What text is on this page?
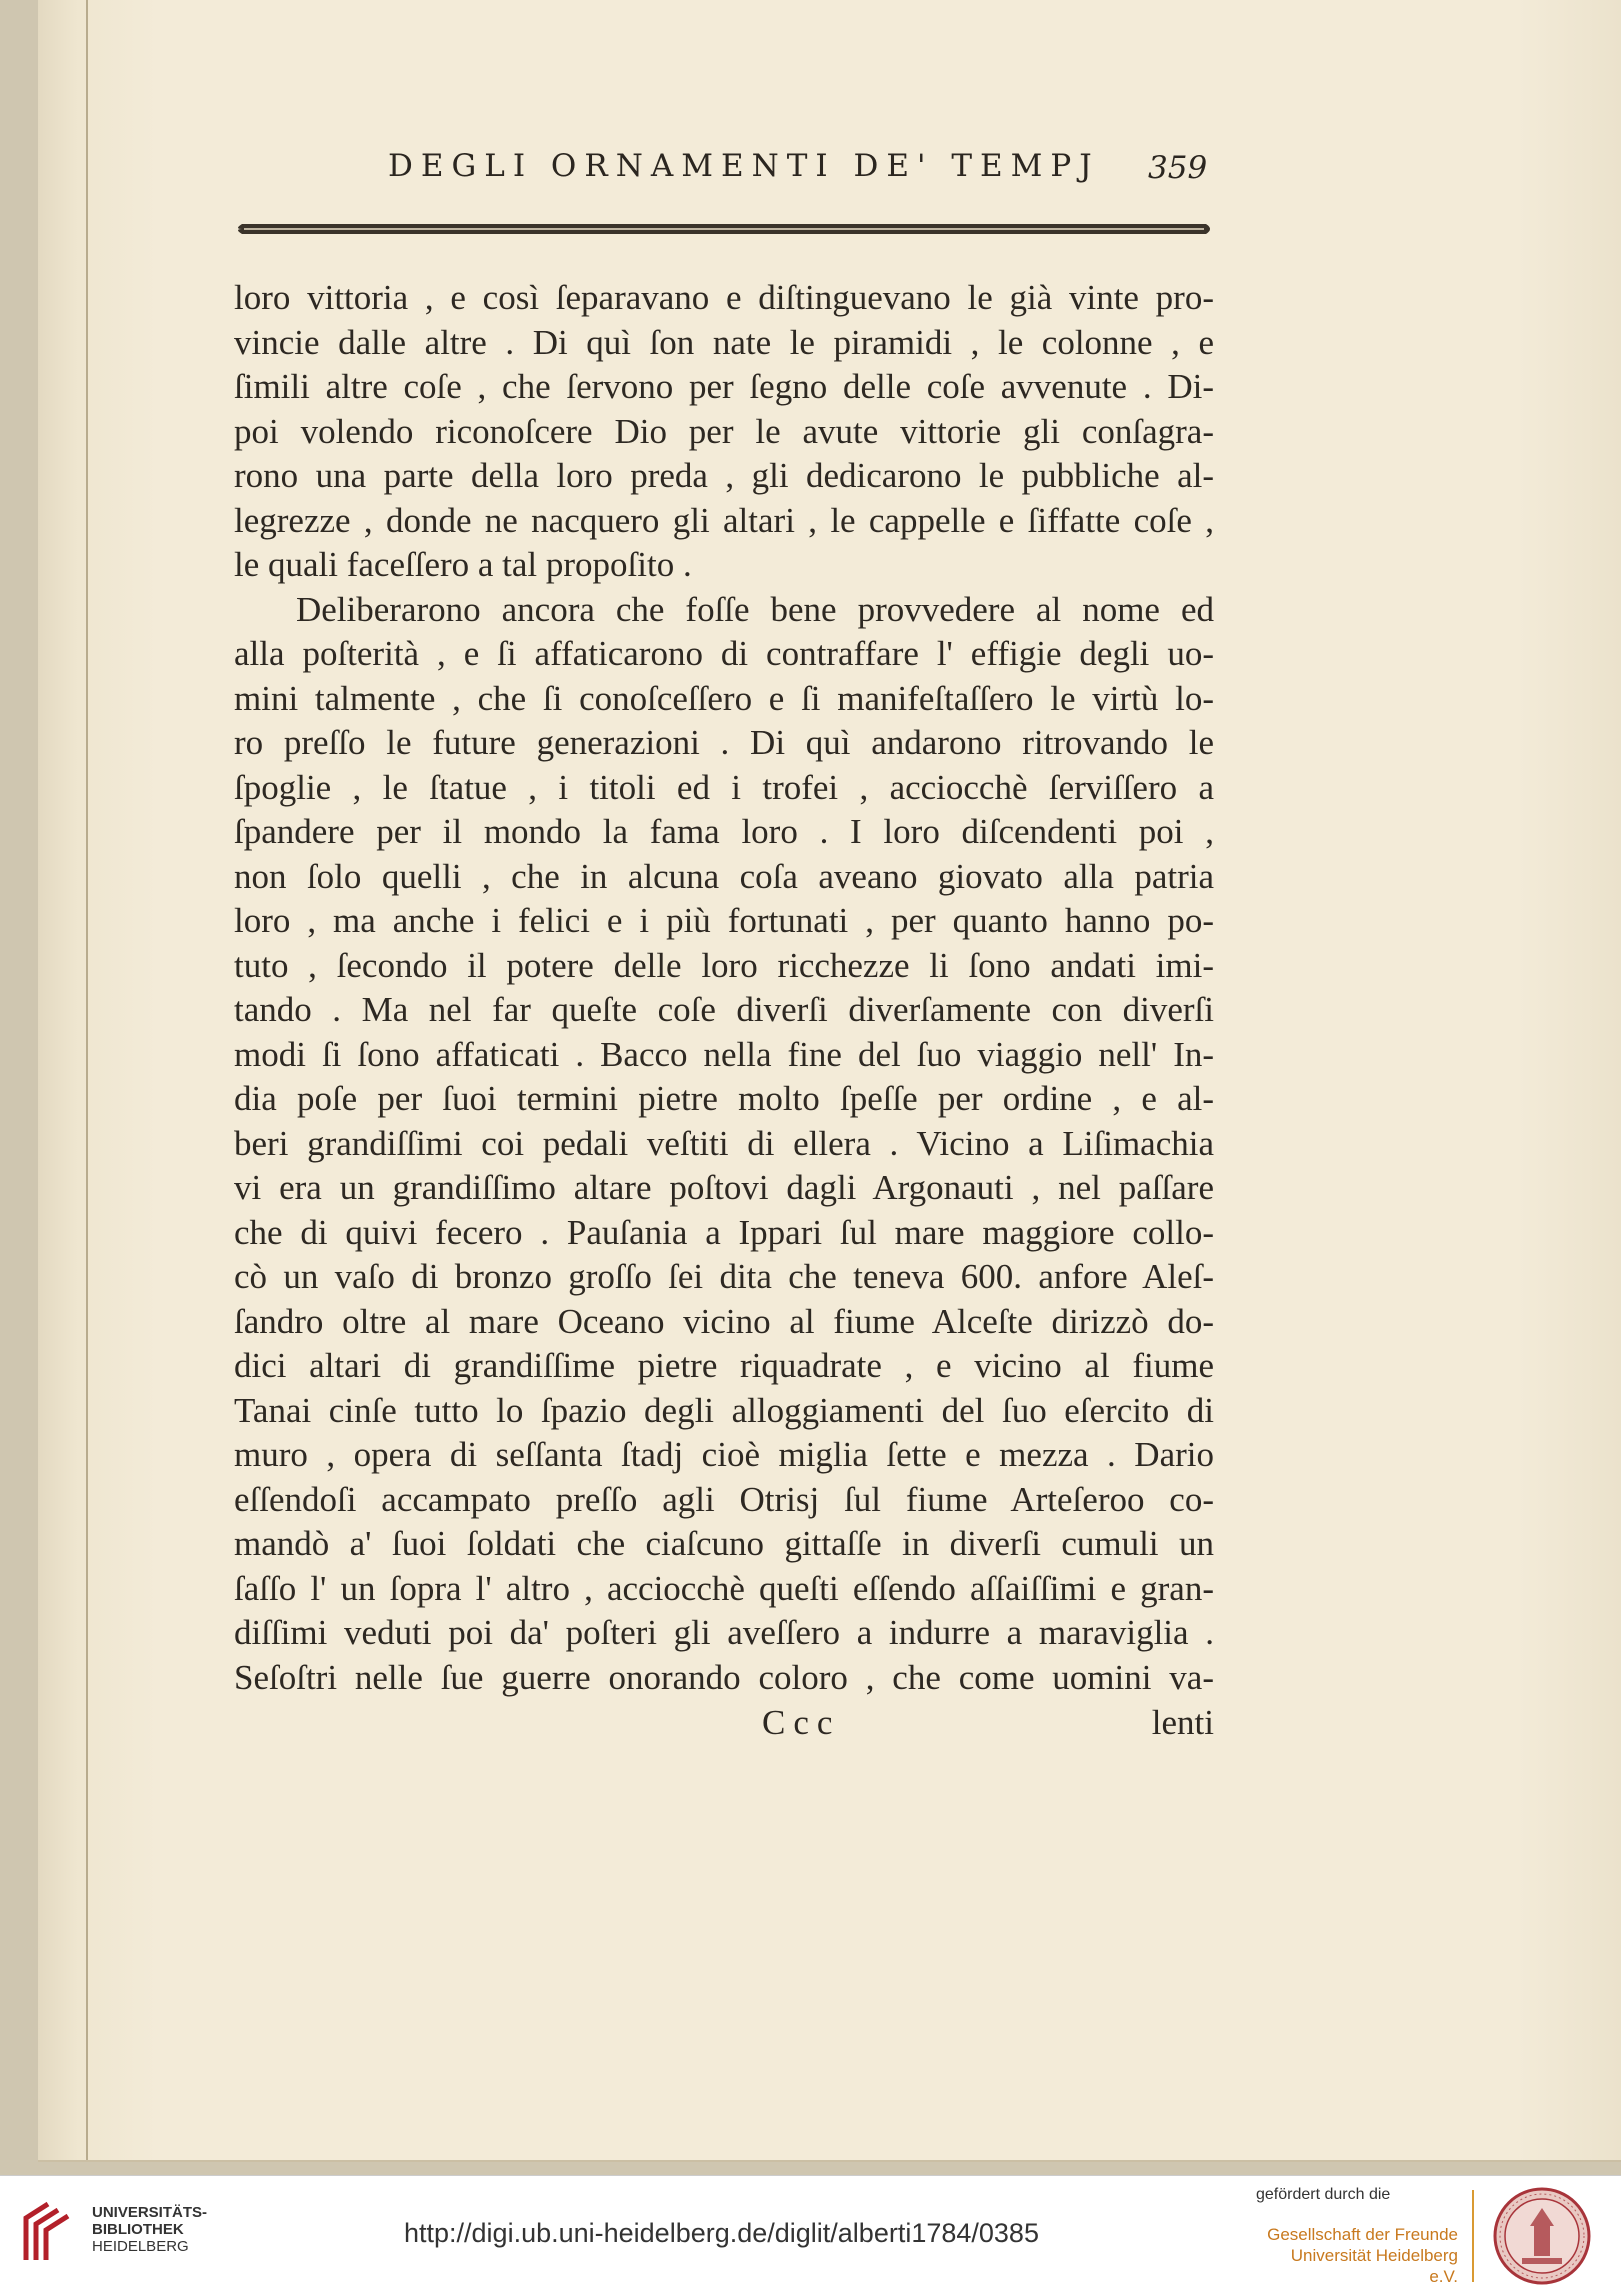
DEGLI ORNAMENTI DE' TEMPJ 359
loro vittoria , e così ſeparavano e diſtinguevano le già vinte pro-
vincie dalle altre . Di quì ſon nate le piramidi , le colonne , e
ſimili altre coſe , che ſervono per ſegno delle coſe avvenute . Di-
poi volendo riconoſcere Dio per le avute vittorie gli conſagra-
rono una parte della loro preda , gli dedicarono le pubbliche al-
legrezze , donde ne nacquero gli altari , le cappelle e ſiffatte coſe ,
le quali faceſſero a tal propoſito .
Deliberarono ancora che foſſe bene provvedere al nome ed
alla poſterità , e ſi affaticarono di contraffare l' effigie degli uo-
mini talmente , che ſi conoſceſſero e ſi manifeſtaſſero le virtù lo-
ro preſſo le future generazioni . Di quì andarono ritrovando le
ſpoglie , le ſtatue , i titoli ed i trofei , acciocchè ſerviſſero a
ſpandere per il mondo la fama loro . I loro diſcendenti poi ,
non ſolo quelli , che in alcuna coſa aveano giovato alla patria
loro , ma anche i felici e i più fortunati , per quanto hanno po-
tuto , ſecondo il potere delle loro ricchezze li ſono andati imi-
tando . Ma nel far queſte coſe diverſi diverſamente con diverſi
modi ſi ſono affaticati . Bacco nella fine del ſuo viaggio nell' In-
dia poſe per ſuoi termini pietre molto ſpeſſe per ordine , e al-
beri grandiſſimi coi pedali veſtiti di ellera . Vicino a Liſimachia
vi era un grandiſſimo altare poſtovi dagli Argonauti , nel paſſare
che di quivi fecero . Pauſania a Ippari ſul mare maggiore collo-
cò un vaſo di bronzo groſſo ſei dita che teneva 600. anfore Aleſ-
ſandro oltre al mare Oceano vicino al fiume Alceſte dirizzò do-
dici altari di grandiſſime pietre riquadrate , e vicino al fiume
Tanai cinſe tutto lo ſpazio degli alloggiamenti del ſuo eſercito di
muro , opera di seſſanta ſtadj cioè miglia ſette e mezza . Dario
eſſendoſi accampato preſſo agli Otrisj ſul fiume Arteſeroo co-
mandò a' ſuoi ſoldati che ciaſcuno gittaſſe in diverſi cumuli un
ſaſſo l' un ſopra l' altro , acciocchè queſti eſſendo aſſaiſſimi e gran-
diſſimi veduti poi da' poſteri gli aveſſero a indurre a maraviglia .
Seſoſtri nelle ſue guerre onorando coloro , che come uomini va-
Ccc	lenti
UNIVERSITÄTS-
BIBLIOTHEK
HEIDELBERG	http://digi.ub.uni-heidelberg.de/diglit/alberti1784/0385
gefördert durch die
Gesellschaft der Freunde
Universität Heidelberg e.V.
